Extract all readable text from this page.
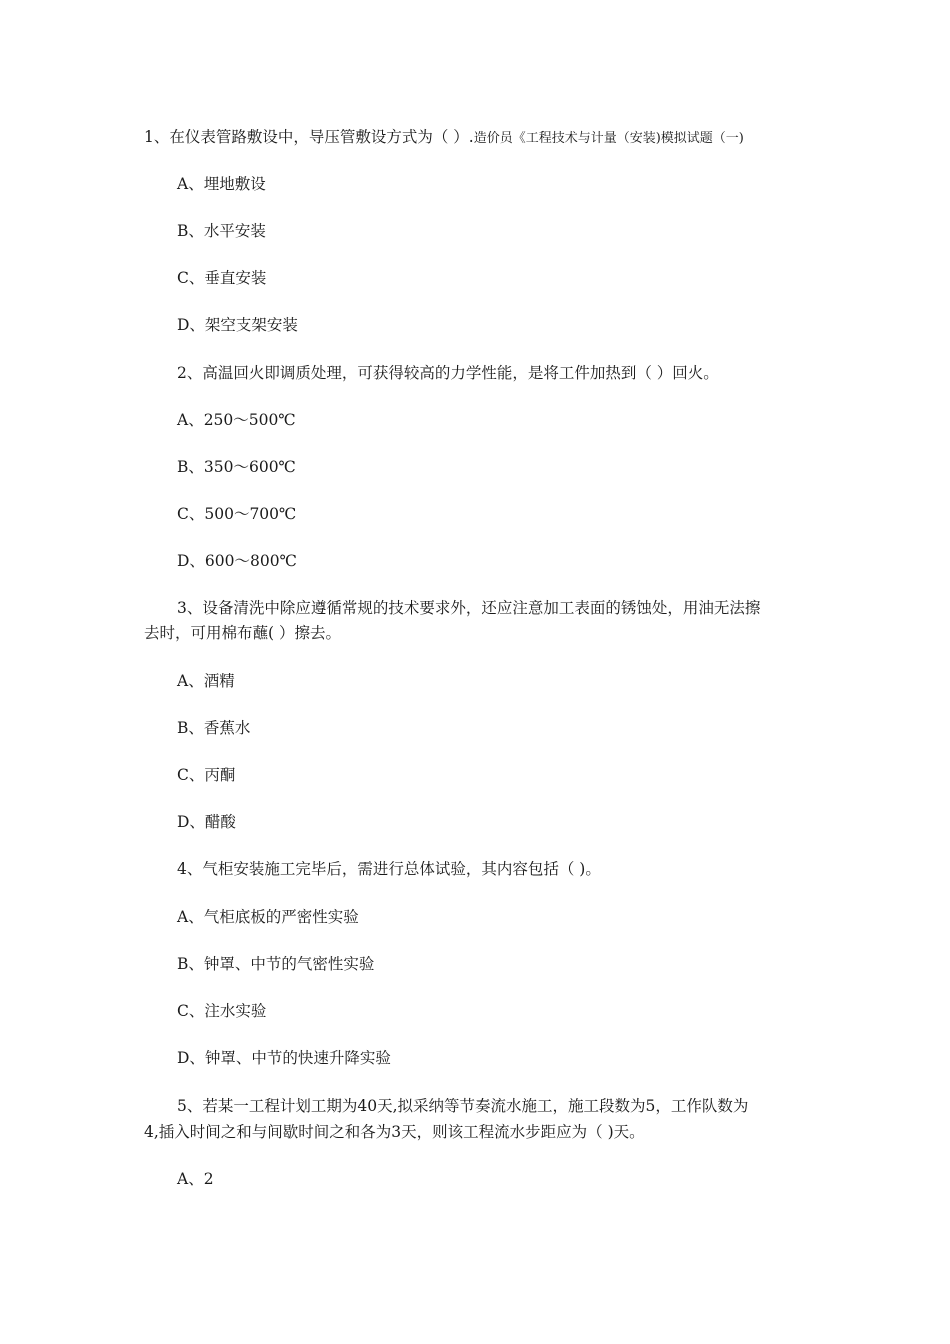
1、在仪表管路敷设中，导压管敷设方式为（ ）.造价员《工程技术与计量（安装)模拟试题（一)
A、埋地敷设
B、水平安装
C、垂直安装
D、架空支架安装
2、高温回火即调质处理，可获得较高的力学性能，是将工件加热到（ ）回火。
A、250～500℃
B、350～600℃
C、500～700℃
D、600～800℃
3、设备清洗中除应遵循常规的技术要求外，还应注意加工表面的锈蚀处，用油无法擦
去时，可用棉布蘸( ）擦去。
A、酒精
B、香蕉水
C、丙酮
D、醋酸
4、气柜安装施工完毕后，需进行总体试验，其内容包括（ )。
A、气柜底板的严密性实验
B、钟罩、中节的气密性实验
C、注水实验
D、钟罩、中节的快速升降实验
5、若某一工程计划工期为40天,拟采纳等节奏流水施工，施工段数为5，工作队数为
4,插入时间之和与间歇时间之和各为3天，则该工程流水步距应为（ )天。
A、2
